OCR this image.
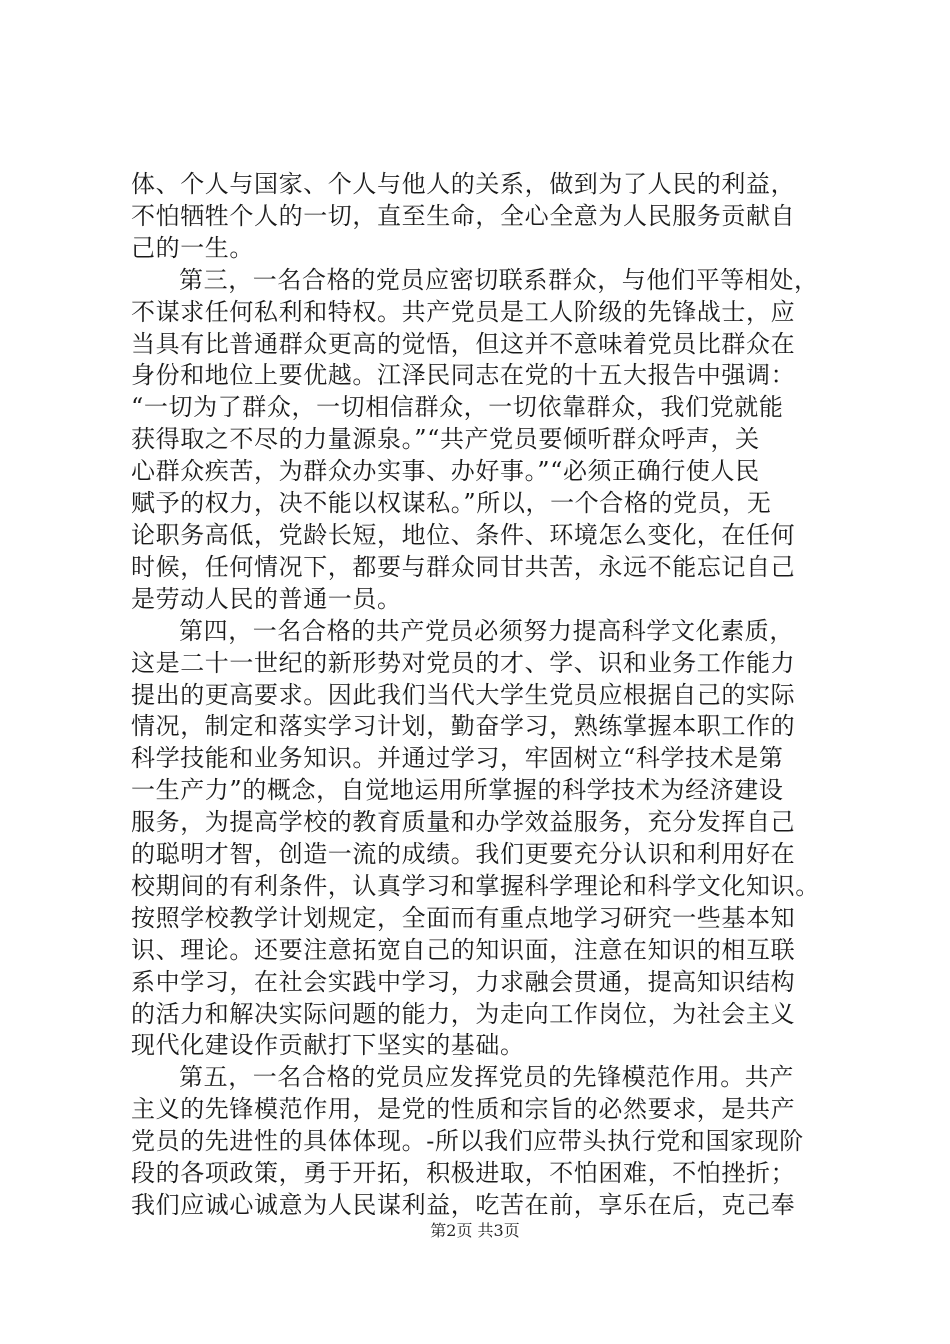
体、个人与国家、个人与他人的关系，做到为了人民的利益，
不怕牺牲个人的一切，直至生命，全心全意为人民服务贡献自
己的一生。
第三，一名合格的党员应密切联系群众，与他们平等相处，
不谋求任何私利和特权。共产党员是工人阶级的先锋战士，应
当具有比普通群众更高的觉悟，但这并不意味着党员比群众在
身份和地位上要优越。江泽民同志在党的十五大报告中强调：
“一切为了群众，一切相信群众，一切依靠群众，我们党就能
获得取之不尽的力量源泉。”“共产党员要倾听群众呼声，关
心群众疾苦，为群众办实事、办好事。”“必须正确行使人民
赋予的权力，决不能以权谋私。”所以，一个合格的党员，无
论职务高低，党龄长短，地位、条件、环境怎么变化，在任何
时候，任何情况下，都要与群众同甘共苦，永远不能忘记自己
是劳动人民的普通一员。
第四，一名合格的共产党员必须努力提高科学文化素质，
这是二十一世纪的新形势对党员的才、学、识和业务工作能力
提出的更高要求。因此我们当代大学生党员应根据自己的实际
情况，制定和落实学习计划，勤奋学习，熟练掌握本职工作的
科学技能和业务知识。并通过学习，牢固树立“科学技术是第
一生产力”的概念，自觉地运用所掌握的科学技术为经济建设
服务，为提高学校的教育质量和办学效益服务，充分发挥自己
的聪明才智，创造一流的成绩。我们更要充分认识和利用好在
校期间的有利条件，认真学习和掌握科学理论和科学文化知识。
按照学校教学计划规定，全面而有重点地学习研究一些基本知
识、理论。还要注意拓宽自己的知识面，注意在知识的相互联
系中学习，在社会实践中学习，力求融会贯通，提高知识结构
的活力和解决实际问题的能力，为走向工作岗位，为社会主义
现代化建设作贡献打下坚实的基础。
第五，一名合格的党员应发挥党员的先锋模范作用。共产
主义的先锋模范作用，是党的性质和宗旨的必然要求，是共产
党员的先进性的具体体现。-所以我们应带头执行党和国家现阶
段的各项政策，勇于开拓，积极进取，不怕困难，不怕挫折；
我们应诚心诚意为人民谋利益，吃苦在前，享乐在后，克己奉
第2页 共3页
